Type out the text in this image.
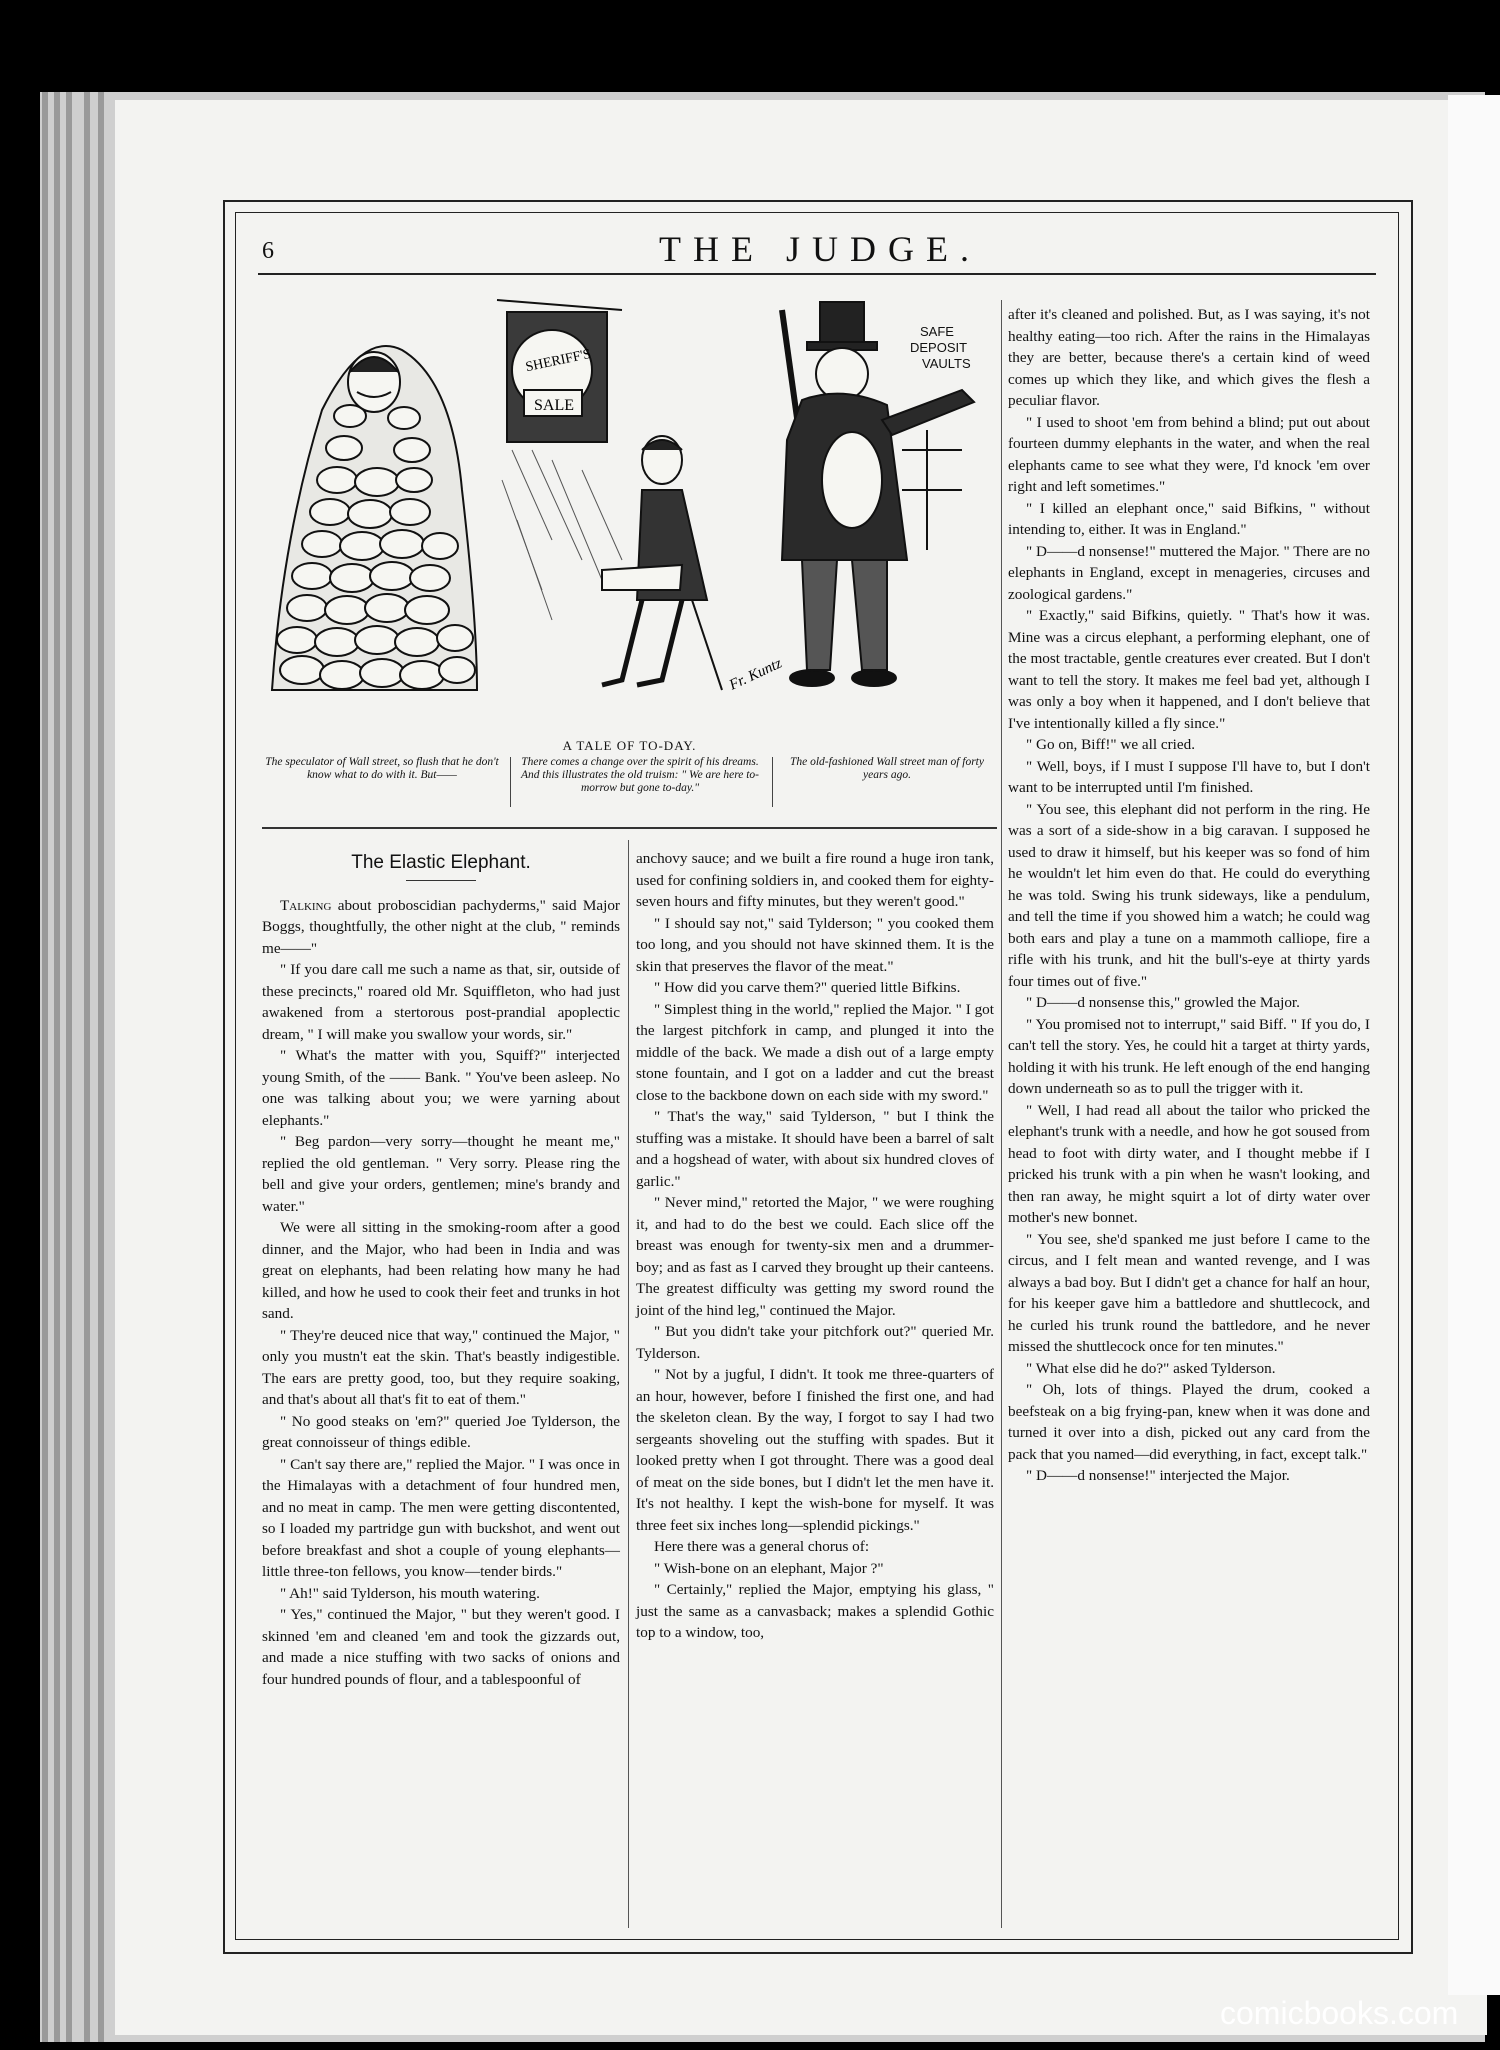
6	THE JUDGE.
SHERIFF'S
SALE
Fr. Kuntz
SAFE
DEPOSIT
VAULTS
A TALE OF TO-DAY.
The speculator of Wall street, so flush that he don't know what to do with it. But——
There comes a change over the spirit of his dreams. And this illustrates the old truism: " We are here to-morrow but gone to-day."
The old-fashioned Wall street man of forty years ago.
The Elastic Elephant.

Talking about proboscidian pachyderms," said Major Boggs, thoughtfully, the other night at the club, " reminds me——"

" If you dare call me such a name as that, sir, outside of these precincts," roared old Mr. Squiffleton, who had just awakened from a stertorous post-prandial apoplectic dream, " I will make you swallow your words, sir."

" What's the matter with you, Squiff?" interjected young Smith, of the —— Bank. " You've been asleep. No one was talking about you; we were yarning about elephants."

" Beg pardon—very sorry—thought he meant me," replied the old gentleman. " Very sorry. Please ring the bell and give your orders, gentlemen; mine's brandy and water."

We were all sitting in the smoking-room after a good dinner, and the Major, who had been in India and was great on elephants, had been relating how many he had killed, and how he used to cook their feet and trunks in hot sand.

" They're deuced nice that way," continued the Major, " only you mustn't eat the skin. That's beastly indigestible. The ears are pretty good, too, but they require soaking, and that's about all that's fit to eat of them."

" No good steaks on 'em?" queried Joe Tylderson, the great connoisseur of things edible.

" Can't say there are," replied the Major. " I was once in the Himalayas with a detachment of four hundred men, and no meat in camp. The men were getting discontented, so I loaded my partridge gun with buckshot, and went out before breakfast and shot a couple of young elephants—little three-ton fellows, you know—tender birds."

" Ah!" said Tylderson, his mouth watering.

" Yes," continued the Major, " but they weren't good. I skinned 'em and cleaned 'em and took the gizzards out, and made a nice stuffing with two sacks of onions and four hundred pounds of flour, and a tablespoonful of

anchovy sauce; and we built a fire round a huge iron tank, used for confining soldiers in, and cooked them for eighty-seven hours and fifty minutes, but they weren't good."

" I should say not," said Tylderson; " you cooked them too long, and you should not have skinned them. It is the skin that preserves the flavor of the meat."

" How did you carve them?" queried little Bifkins.

" Simplest thing in the world," replied the Major. " I got the largest pitchfork in camp, and plunged it into the middle of the back. We made a dish out of a large empty stone fountain, and I got on a ladder and cut the breast close to the backbone down on each side with my sword."

" That's the way," said Tylderson, " but I think the stuffing was a mistake. It should have been a barrel of salt and a hogshead of water, with about six hundred cloves of garlic."

" Never mind," retorted the Major, " we were roughing it, and had to do the best we could. Each slice off the breast was enough for twenty-six men and a drummer-boy; and as fast as I carved they brought up their canteens. The greatest difficulty was getting my sword round the joint of the hind leg," continued the Major.

" But you didn't take your pitchfork out?" queried Mr. Tylderson.

" Not by a jugful, I didn't. It took me three-quarters of an hour, however, before I finished the first one, and had the skeleton clean. By the way, I forgot to say I had two sergeants shoveling out the stuffing with spades. But it looked pretty when I got throught. There was a good deal of meat on the side bones, but I didn't let the men have it. It's not healthy. I kept the wish-bone for myself. It was three feet six inches long—splendid pickings."

Here there was a general chorus of:

" Wish-bone on an elephant, Major ?"

" Certainly," replied the Major, emptying his glass, " just the same as a canvasback; makes a splendid Gothic top to a window, too,

after it's cleaned and polished. But, as I was saying, it's not healthy eating—too rich. After the rains in the Himalayas they are better, because there's a certain kind of weed comes up which they like, and which gives the flesh a peculiar flavor.

" I used to shoot 'em from behind a blind; put out about fourteen dummy elephants in the water, and when the real elephants came to see what they were, I'd knock 'em over right and left sometimes."

" I killed an elephant once," said Bifkins, " without intending to, either. It was in England."

" D——d nonsense!" muttered the Major. " There are no elephants in England, except in menageries, circuses and zoological gardens."

" Exactly," said Bifkins, quietly. " That's how it was. Mine was a circus elephant, a performing elephant, one of the most tractable, gentle creatures ever created. But I don't want to tell the story. It makes me feel bad yet, although I was only a boy when it happened, and I don't believe that I've intentionally killed a fly since."

" Go on, Biff!" we all cried.

" Well, boys, if I must I suppose I'll have to, but I don't want to be interrupted until I'm finished.

" You see, this elephant did not perform in the ring. He was a sort of a side-show in a big caravan. I supposed he used to draw it himself, but his keeper was so fond of him he wouldn't let him even do that. He could do everything he was told. Swing his trunk sideways, like a pendulum, and tell the time if you showed him a watch; he could wag both ears and play a tune on a mammoth calliope, fire a rifle with his trunk, and hit the bull's-eye at thirty yards four times out of five."

" D——d nonsense this," growled the Major.

" You promised not to interrupt," said Biff. " If you do, I can't tell the story. Yes, he could hit a target at thirty yards, holding it with his trunk. He left enough of the end hanging down underneath so as to pull the trigger with it.

" Well, I had read all about the tailor who pricked the elephant's trunk with a needle, and how he got soused from head to foot with dirty water, and I thought mebbe if I pricked his trunk with a pin when he wasn't looking, and then ran away, he might squirt a lot of dirty water over mother's new bonnet.

" You see, she'd spanked me just before I came to the circus, and I felt mean and wanted revenge, and I was always a bad boy. But I didn't get a chance for half an hour, for his keeper gave him a battledore and shuttlecock, and he curled his trunk round the battledore, and he never missed the shuttlecock once for ten minutes."

" What else did he do?" asked Tylderson.

" Oh, lots of things. Played the drum, cooked a beefsteak on a big frying-pan, knew when it was done and turned it over into a dish, picked out any card from the pack that you named—did everything, in fact, except talk."

" D——d nonsense!" interjected the Major.

comicbooks.com
